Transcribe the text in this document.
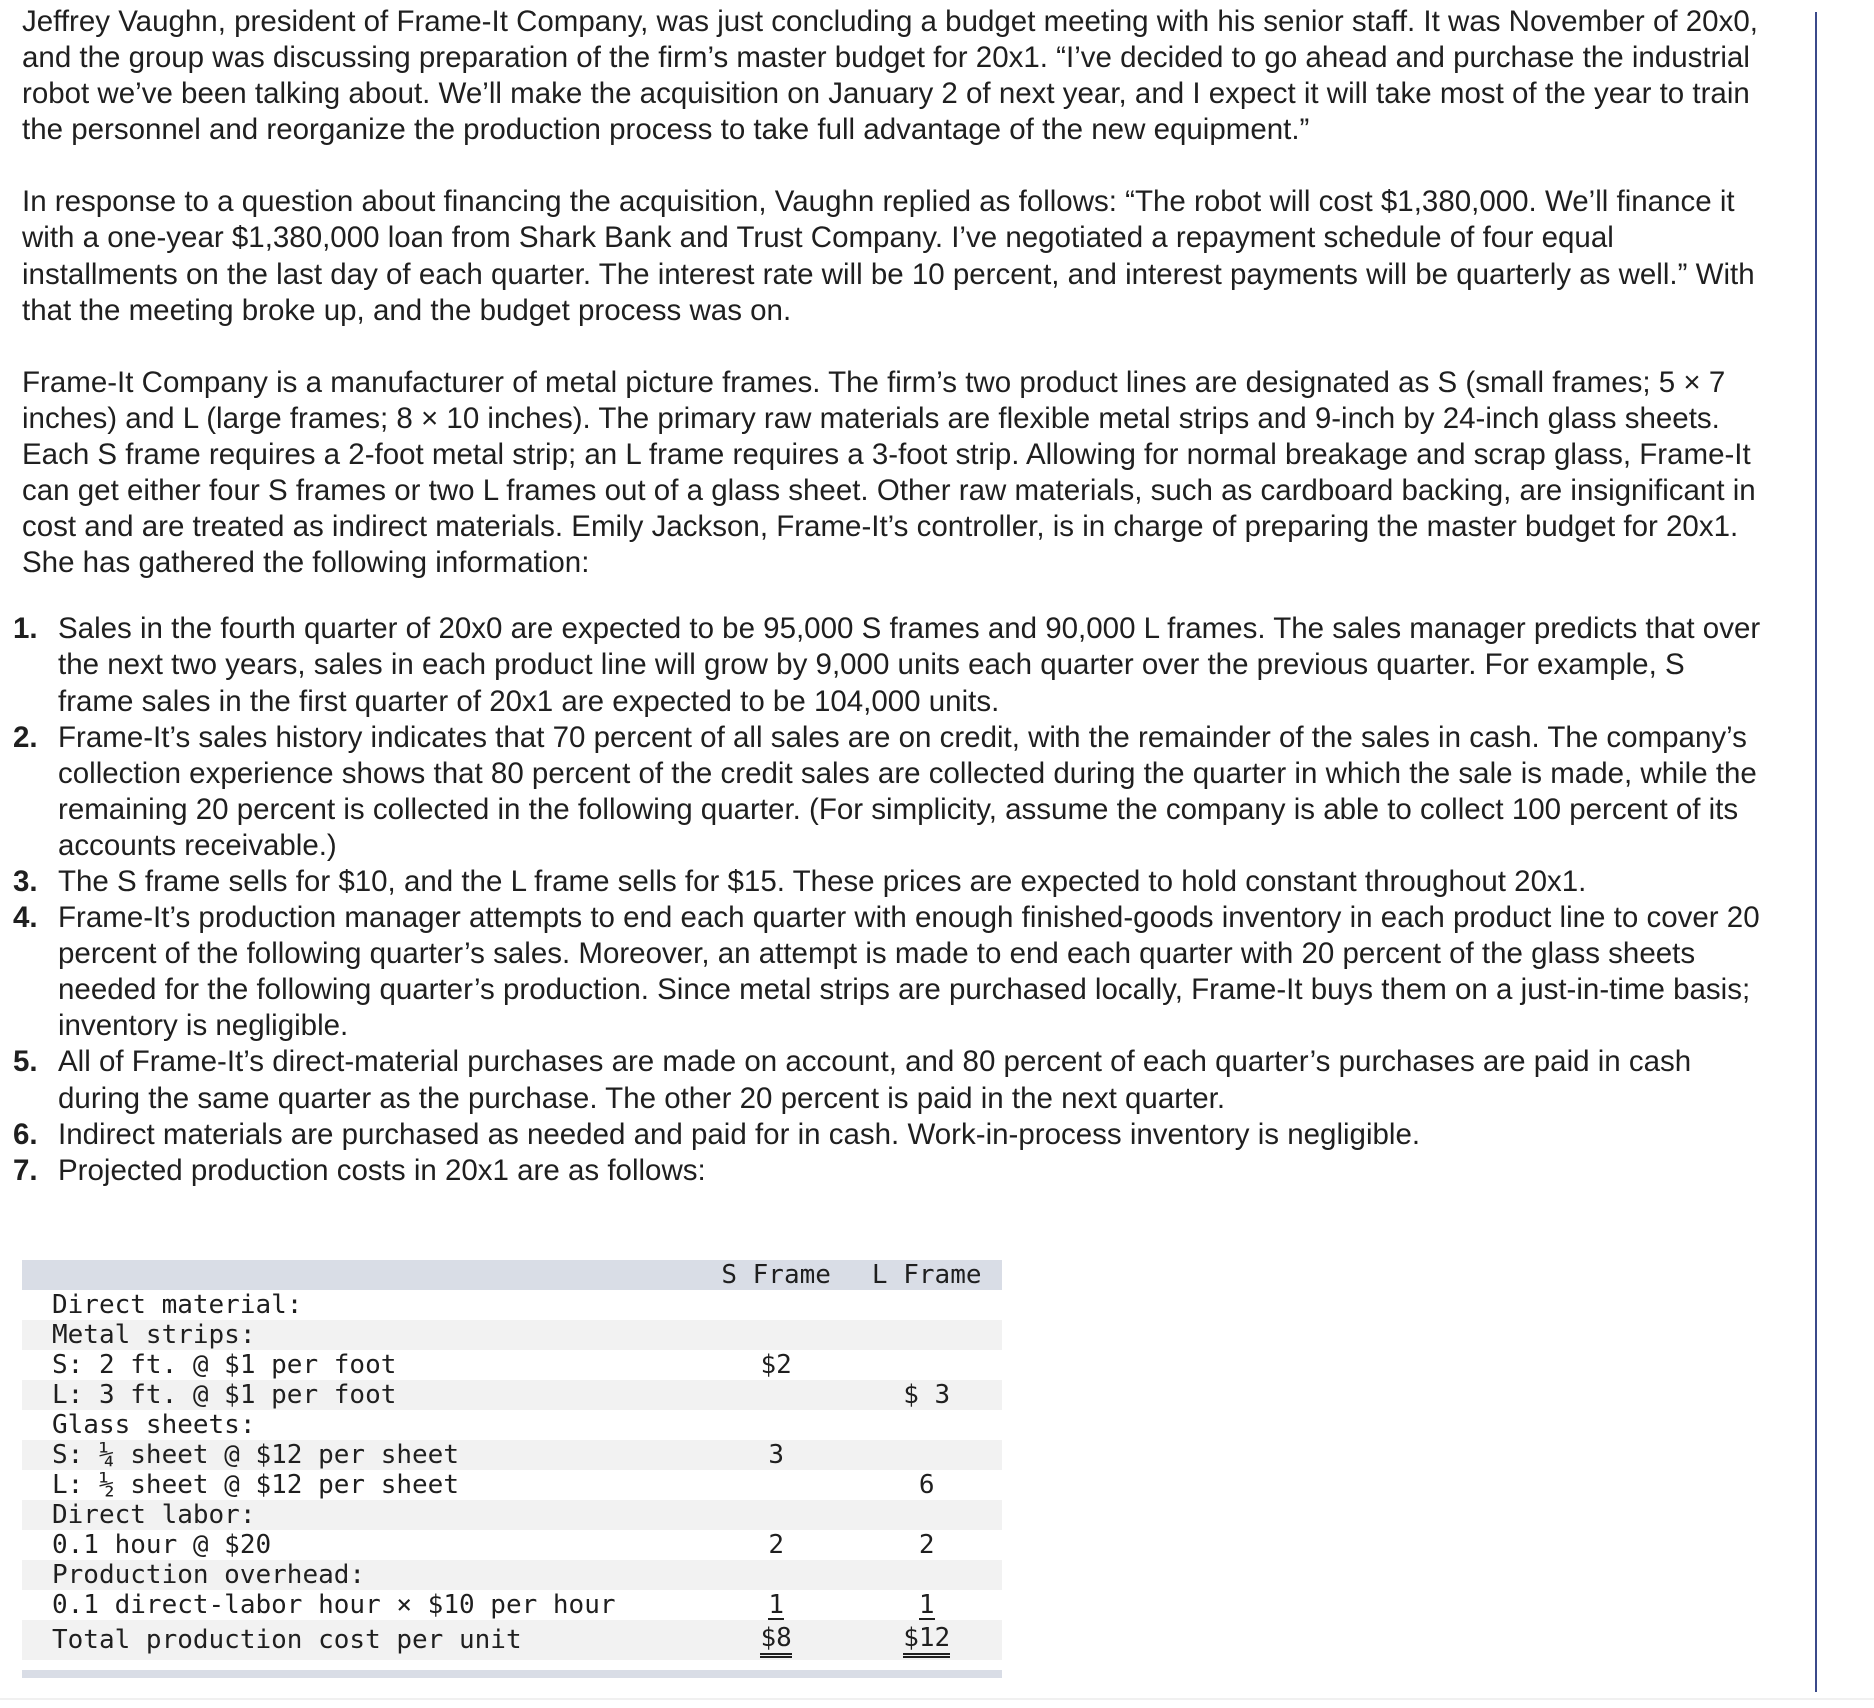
Jeffrey Vaughn, president of Frame-It Company, was just concluding a budget meeting with his senior staff. It was November of 20x0, and the group was discussing preparation of the firm’s master budget for 20x1. “I’ve decided to go ahead and purchase the industrial robot we’ve been talking about. We’ll make the acquisition on January 2 of next year, and I expect it will take most of the year to train the personnel and reorganize the production process to take full advantage of the new equipment.”

In response to a question about financing the acquisition, Vaughn replied as follows: “The robot will cost $1,380,000. We’ll finance it with a one-year $1,380,000 loan from Shark Bank and Trust Company. I’ve negotiated a repayment schedule of four equal installments on the last day of each quarter. The interest rate will be 10 percent, and interest payments will be quarterly as well.” With that the meeting broke up, and the budget process was on.

Frame-It Company is a manufacturer of metal picture frames. The firm’s two product lines are designated as S (small frames; 5 × 7 inches) and L (large frames; 8 × 10 inches). The primary raw materials are flexible metal strips and 9-inch by 24-inch glass sheets. Each S frame requires a 2-foot metal strip; an L frame requires a 3-foot strip. Allowing for normal breakage and scrap glass, Frame-It can get either four S frames or two L frames out of a glass sheet. Other raw materials, such as cardboard backing, are insignificant in cost and are treated as indirect materials. Emily Jackson, Frame-It’s controller, is in charge of preparing the master budget for 20x1. She has gathered the following information:

1. Sales in the fourth quarter of 20x0 are expected to be 95,000 S frames and 90,000 L frames. The sales manager predicts that over the next two years, sales in each product line will grow by 9,000 units each quarter over the previous quarter. For example, S frame sales in the first quarter of 20x1 are expected to be 104,000 units.
2. Frame-It’s sales history indicates that 70 percent of all sales are on credit, with the remainder of the sales in cash. The company’s collection experience shows that 80 percent of the credit sales are collected during the quarter in which the sale is made, while the remaining 20 percent is collected in the following quarter. (For simplicity, assume the company is able to collect 100 percent of its accounts receivable.)
3. The S frame sells for $10, and the L frame sells for $15. These prices are expected to hold constant throughout 20x1.
4. Frame-It’s production manager attempts to end each quarter with enough finished-goods inventory in each product line to cover 20 percent of the following quarter’s sales. Moreover, an attempt is made to end each quarter with 20 percent of the glass sheets needed for the following quarter’s production. Since metal strips are purchased locally, Frame-It buys them on a just-in-time basis; inventory is negligible.
5. All of Frame-It’s direct-material purchases are made on account, and 80 percent of each quarter’s purchases are paid in cash during the same quarter as the purchase. The other 20 percent is paid in the next quarter.
6. Indirect materials are purchased as needed and paid for in cash. Work-in-process inventory is negligible.
7. Projected production costs in 20x1 are as follows:
	S Frame	L Frame
Direct material:		
Metal strips:		
S: 2 ft. @ $1 per foot	$2	
L: 3 ft. @ $1 per foot		$ 3
Glass sheets:		
S: ¼ sheet @ $12 per sheet	3	
L: ½ sheet @ $12 per sheet		6
Direct labor:		
0.1 hour @ $20	2	2
Production overhead:		
0.1 direct-labor hour × $10 per hour	1	1
Total production cost per unit	$8	$12
